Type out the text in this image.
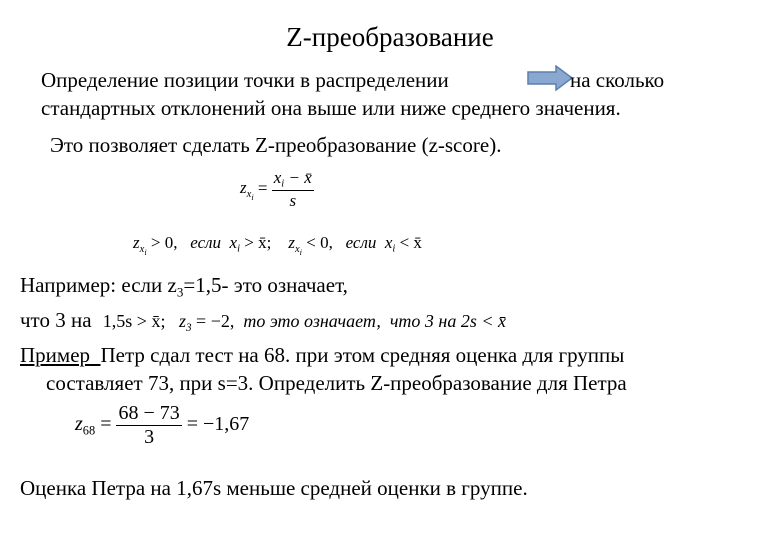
Z-преобразование
Определение позиции точки в распределении	на сколько
стандартных отклонений она выше или ниже среднего значения.
Это позволяет сделать Z-преобразование (z-score).
$z_{x_i} = \frac{x_i - x̄}{s}$
$z_{x_i} > 0$, если  $x_i$ > x̄; $z_{x_i} < 0$, если  $x_i$ < x̄
Например: если $z_3=1,5-$ это означает,
что 3 на 1,5s > x̄; $z_3 = -2$, то это означает, что 3 на 2s < x̄
Пример Петр сдал тест на 68. при этом средняя оценка для группы
составляет 73, при s=3. Определить Z-преобразование для Петра
$z_{68} = \frac{68 - 73}{3} = -1,67$
Оценка Петра на 1,67s меньше средней оценки в группе.
